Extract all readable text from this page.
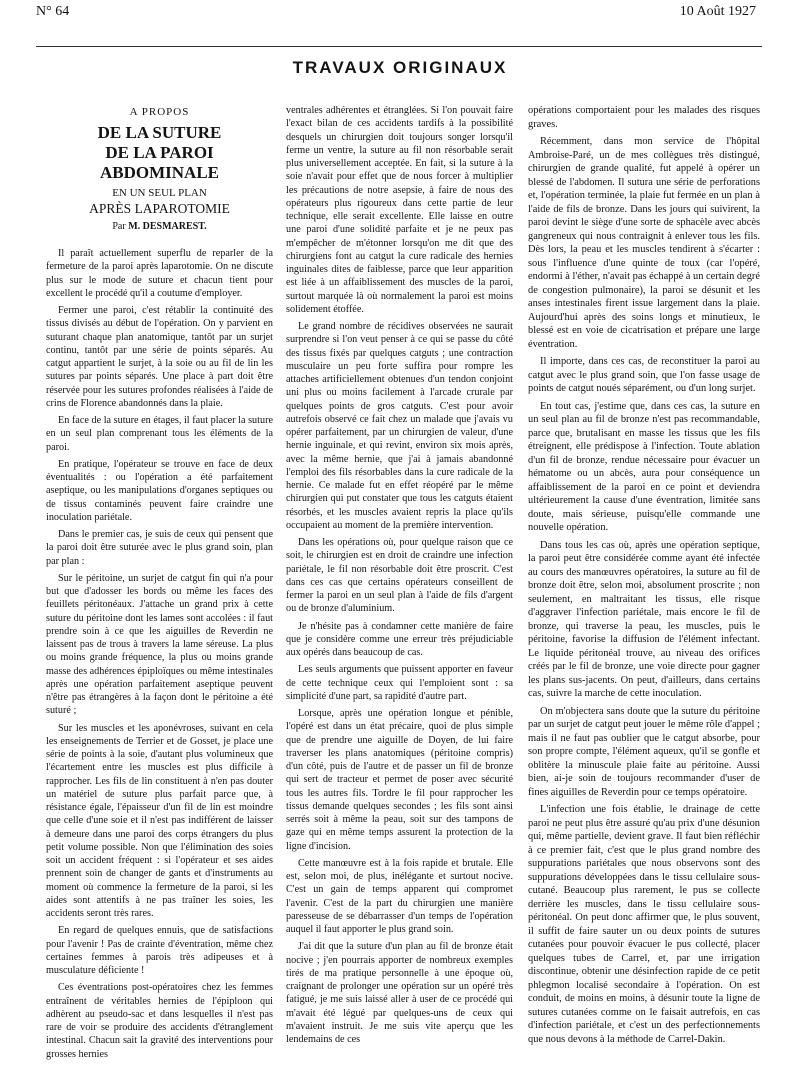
N° 64	10 Août 1927
TRAVAUX ORIGINAUX
A PROPOS
DE LA SUTURE
DE LA PAROI ABDOMINALE
EN UN SEUL PLAN
APRÈS LAPAROTOMIE
Par M. DESMAREST.

Il paraît actuellement superflu de reparler de la fermeture de la paroi après laparotomie. On ne discute plus sur le mode de suture et chacun tient pour excellent le procédé qu'il a coutume d'employer.

Fermer une paroi, c'est rétablir la continuité des tissus divisés au début de l'opération. On y parvient en suturant chaque plan anatomique, tantôt par un surjet continu, tantôt par une série de points séparés. Au catgut appartient le surjet, à la soie ou au fil de lin les sutures par points séparés. Une place à part doit être réservée pour les sutures profondes réalisées à l'aide de crins de Florence abandonnés dans la plaie.

En face de la suture en étages, il faut placer la suture en un seul plan comprenant tous les éléments de la paroi.

En pratique, l'opérateur se trouve en face de deux éventualités : ou l'opération a été parfaitement aseptique, ou les manipulations d'organes septiques ou de tissus contaminés peuvent faire craindre une inoculation pariétale.

Dans le premier cas, je suis de ceux qui pensent que la paroi doit être suturée avec le plus grand soin, plan par plan :

Sur le péritoine, un surjet de catgut fin qui n'a pour but que d'adosser les bords ou même les faces des feuillets péritonéaux. J'attache un grand prix à cette suture du péritoine dont les lames sont accolées : il faut prendre soin à ce que les aiguilles de Reverdin ne laissent pas de trous à travers la lame séreuse. La plus ou moins grande fréquence, la plus ou moins grande masse des adhérences épiploïques ou même intestinales après une opération parfaitement aseptique peuvent n'être pas étrangères à la façon dont le péritoine a été suturé ;

Sur les muscles et les aponévroses, suivant en cela les enseignements de Terrier et de Gosset, je place une série de points à la soie, d'autant plus volumineux que l'écartement entre les muscles est plus difficile à rapprocher. Les fils de lin constituent à n'en pas douter un matériel de suture plus parfait parce que, à résistance égale, l'épaisseur d'un fil de lin est moindre que celle d'une soie et il n'est pas indifférent de laisser à demeure dans une paroi des corps étrangers du plus petit volume possible. Non que l'élimination des soies soit un accident fréquent : si l'opérateur et ses aides prennent soin de changer de gants et d'instruments au moment où commence la fermeture de la paroi, si les aides sont attentifs à ne pas traîner les soies, les accidents seront très rares.

En regard de quelques ennuis, que de satisfactions pour l'avenir ! Pas de crainte d'éventration, même chez certaines femmes à parois très adipeuses et à musculature déficiente !

Ces éventrations post-opératoires chez les femmes entraînent de véritables hernies de l'épiploon qui adhèrent au pseudo-sac et dans lesquelles il n'est pas rare de voir se produire des accidents d'étranglement intestinal. Chacun sait la gravité des interventions pour grosses hernies

ventrales adhérentes et étranglées. Si l'on pouvait faire l'exact bilan de ces accidents tardifs à la possibilité desquels un chirurgien doit toujours songer lorsqu'il ferme un ventre, la suture au fil non résorbable serait plus universellement acceptée. En fait, si la suture à la soie n'avait pour effet que de nous forcer à multiplier les précautions de notre asepsie, à faire de nous des opérateurs plus rigoureux dans cette partie de leur technique, elle serait excellente. Elle laisse en outre une paroi d'une solidité parfaite et je ne peux pas m'empêcher de m'étonner lorsqu'on me dit que des chirurgiens font au catgut la cure radicale des hernies inguinales dites de faiblesse, parce que leur apparition est liée à un affaiblissement des muscles de la paroi, surtout marquée là où normalement la paroi est moins solidement étoffée.

Le grand nombre de récidives observées ne saurait surprendre si l'on veut penser à ce qui se passe du côté des tissus fixés par quelques catguts ; une contraction musculaire un peu forte suffira pour rompre les attaches artificiellement obtenues d'un tendon conjoint uni plus ou moins facilement à l'arcade crurale par quelques points de gros catguts. C'est pour avoir autrefois observé ce fait chez un malade que j'avais vu opérer parfaitement, par un chirurgien de valeur, d'une hernie inguinale, et qui revint, environ six mois après, avec la même hernie, que j'ai à jamais abandonné l'emploi des fils résorbables dans la cure radicale de la hernie. Ce malade fut en effet réopéré par le même chirurgien qui put constater que tous les catguts étaient résorbés, et les muscles avaient repris la place qu'ils occupaient au moment de la première intervention.

Dans les opérations où, pour quelque raison que ce soit, le chirurgien est en droit de craindre une infection pariétale, le fil non résorbable doit être proscrit. C'est dans ces cas que certains opérateurs conseillent de fermer la paroi en un seul plan à l'aide de fils d'argent ou de bronze d'aluminium.

Je n'hésite pas à condamner cette manière de faire que je considère comme une erreur très préjudiciable aux opérés dans beaucoup de cas.

Les seuls arguments que puissent apporter en faveur de cette technique ceux qui l'emploient sont : sa simplicité d'une part, sa rapidité d'autre part.

Lorsque, après une opération longue et pénible, l'opéré est dans un état précaire, quoi de plus simple que de prendre une aiguille de Doyen, de lui faire traverser les plans anatomiques (péritoine compris) d'un côté, puis de l'autre et de passer un fil de bronze qui sert de tracteur et permet de poser avec sécurité tous les autres fils. Tordre le fil pour rapprocher les tissus demande quelques secondes ; les fils sont ainsi serrés soit à même la peau, soit sur des tampons de gaze qui en même temps assurent la protection de la ligne d'incision.

Cette manœuvre est à la fois rapide et brutale. Elle est, selon moi, de plus, inélégante et surtout nocive. C'est un gain de temps apparent qui compromet l'avenir. C'est de la part du chirurgien une manière paresseuse de se débarrasser d'un temps de l'opération auquel il faut apporter le plus grand soin.

J'ai dit que la suture d'un plan au fil de bronze était nocive ; j'en pourrais apporter de nombreux exemples tirés de ma pratique personnelle à une époque où, craignant de prolonger une opération sur un opéré très fatigué, je me suis laissé aller à user de ce procédé qui m'avait été légué par quelques-uns de ceux qui m'avaient instruit. Je me suis vite aperçu que les lendemains de ces

opérations comportaient pour les malades des risques graves.

Récemment, dans mon service de l'hôpital Ambroise-Paré, un de mes collègues très distingué, chirurgien de grande qualité, fut appelé à opérer un blessé de l'abdomen. Il sutura une série de perforations et, l'opération terminée, la plaie fut fermée en un plan à l'aide de fils de bronze. Dans les jours qui suivirent, la paroi devint le siège d'une sorte de sphacèle avec abcès gangreneux qui nous contraignit à enlever tous les fils. Dès lors, la peau et les muscles tendirent à s'écarter : sous l'influence d'une quinte de toux (car l'opéré, endormi à l'éther, n'avait pas échappé à un certain degré de congestion pulmonaire), la paroi se désunit et les anses intestinales firent issue largement dans la plaie. Aujourd'hui après des soins longs et minutieux, le blessé est en voie de cicatrisation et prépare une large éventration.

Il importe, dans ces cas, de reconstituer la paroi au catgut avec le plus grand soin, que l'on fasse usage de points de catgut noués séparément, ou d'un long surjet.

En tout cas, j'estime que, dans ces cas, la suture en un seul plan au fil de bronze n'est pas recommandable, parce que, brutalisant en masse les tissus que les fils étreignent, elle prédispose à l'infection. Toute ablation d'un fil de bronze, rendue nécessaire pour évacuer un hématome ou un abcès, aura pour conséquence un affaiblissement de la paroi en ce point et deviendra ultérieurement la cause d'une éventration, limitée sans doute, mais sérieuse, puisqu'elle commande une nouvelle opération.

Dans tous les cas où, après une opération septique, la paroi peut être considérée comme ayant été infectée au cours des manœuvres opératoires, la suture au fil de bronze doit être, selon moi, absolument proscrite ; non seulement, en maltraitant les tissus, elle risque d'aggraver l'infection pariétale, mais encore le fil de bronze, qui traverse la peau, les muscles, puis le péritoine, favorise la diffusion de l'élément infectant. Le liquide péritonéal trouve, au niveau des orifices créés par le fil de bronze, une voie directe pour gagner les plans sus-jacents. On peut, d'ailleurs, dans certains cas, suivre la marche de cette inoculation.

On m'objectera sans doute que la suture du péritoine par un surjet de catgut peut jouer le même rôle d'appel ; mais il ne faut pas oublier que le catgut absorbe, pour son propre compte, l'élément aqueux, qu'il se gonfle et oblitère la minuscule plaie faite au péritoine. Aussi bien, ai-je soin de toujours recommander d'user de fines aiguilles de Reverdin pour ce temps opératoire.

L'infection une fois établie, le drainage de cette paroi ne peut plus être assuré qu'au prix d'une désunion qui, même partielle, devient grave. Il faut bien réfléchir à ce premier fait, c'est que le plus grand nombre des suppurations pariétales que nous observons sont des suppurations développées dans le tissu cellulaire sous-cutané. Beaucoup plus rarement, le pus se collecte derrière les muscles, dans le tissu cellulaire sous-péritonéal. On peut donc affirmer que, le plus souvent, il suffit de faire sauter un ou deux points de sutures cutanées pour pouvoir évacuer le pus collecté, placer quelques tubes de Carrel, et, par une irrigation discontinue, obtenir une désinfection rapide de ce petit phlegmon localisé secondaire à l'opération. On est conduit, de moins en moins, à désunir toute la ligne de sutures cutanées comme on le faisait autrefois, en cas d'infection pariétale, et c'est un des perfectionnements que nous devons à la méthode de Carrel-Dakin.
